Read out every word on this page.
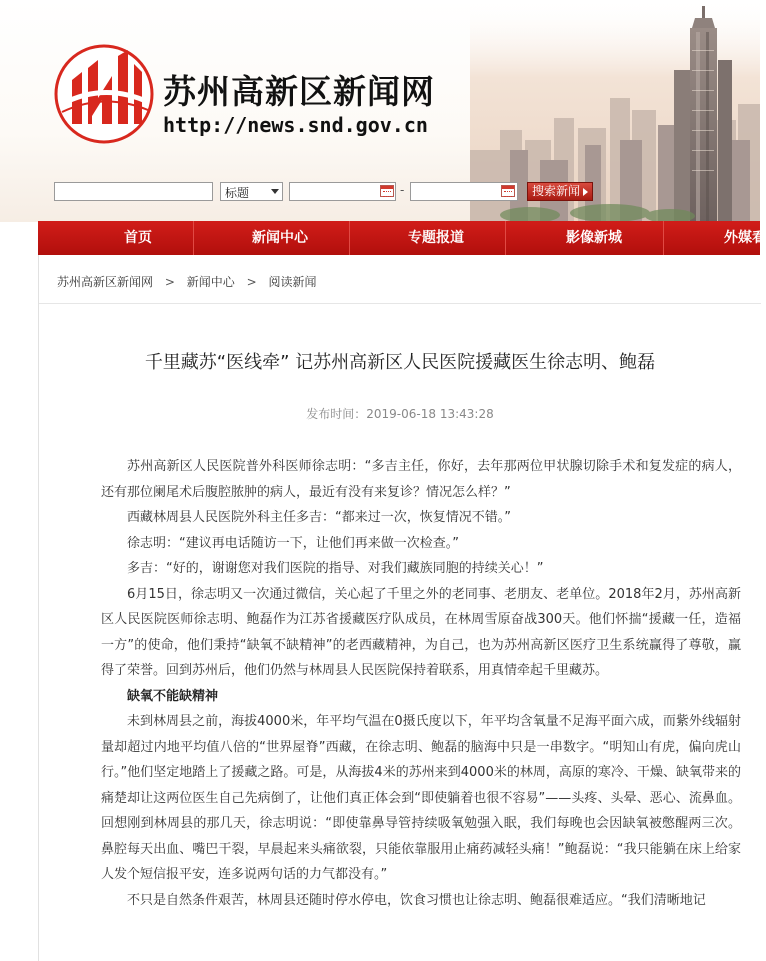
苏州高新区新闻网
http://news.snd.gov.cn
标题	-	搜索新闻
首页	新闻中心	专题报道	影像新城	外媒看
苏州高新区新闻网 > 新闻中心 > 阅读新闻
千里藏苏“医线牵” 记苏州高新区人民医院援藏医生徐志明、鲍磊
发布时间：2019-06-18 13:43:28

苏州高新区人民医院普外科医师徐志明：“多吉主任，你好，去年那两位甲状腺切除手术和复发症的病人，还有那位阑尾术后腹腔脓肿的病人，最近有没有来复诊？情况怎么样？”

西藏林周县人民医院外科主任多吉：“都来过一次，恢复情况不错。”

徐志明：“建议再电话随访一下，让他们再来做一次检查。”

多吉：“好的，谢谢您对我们医院的指导、对我们藏族同胞的持续关心！”

6月15日，徐志明又一次通过微信，关心起了千里之外的老同事、老朋友、老单位。2018年2月，苏州高新区人民医院医师徐志明、鲍磊作为江苏省援藏医疗队成员，在林周雪原奋战300天。他们怀揣“援藏一任，造福一方”的使命，他们秉持“缺氧不缺精神”的老西藏精神，为自己，也为苏州高新区医疗卫生系统赢得了尊敬，赢得了荣誉。回到苏州后，他们仍然与林周县人民医院保持着联系，用真情牵起千里藏苏。

缺氧不能缺精神

未到林周县之前，海拔4000米，年平均气温在0摄氏度以下，年平均含氧量不足海平面六成，而紫外线辐射量却超过内地平均值八倍的“世界屋脊”西藏，在徐志明、鲍磊的脑海中只是一串数字。“明知山有虎，偏向虎山行。”他们坚定地踏上了援藏之路。可是，从海拔4米的苏州来到4000米的林周，高原的寒冷、干燥、缺氧带来的痛楚却让这两位医生自己先病倒了，让他们真正体会到“即使躺着也很不容易”——头疼、头晕、恶心、流鼻血。回想刚到林周县的那几天，徐志明说：“即使靠鼻导管持续吸氧勉强入眠，我们每晚也会因缺氧被憋醒两三次。鼻腔每天出血、嘴巴干裂，早晨起来头痛欲裂，只能依靠服用止痛药减轻头痛！”鲍磊说：“我只能躺在床上给家人发个短信报平安，连多说两句话的力气都没有。”

不只是自然条件艰苦，林周县还随时停水停电，饮食习惯也让徐志明、鲍磊很难适应。“我们清晰地记
